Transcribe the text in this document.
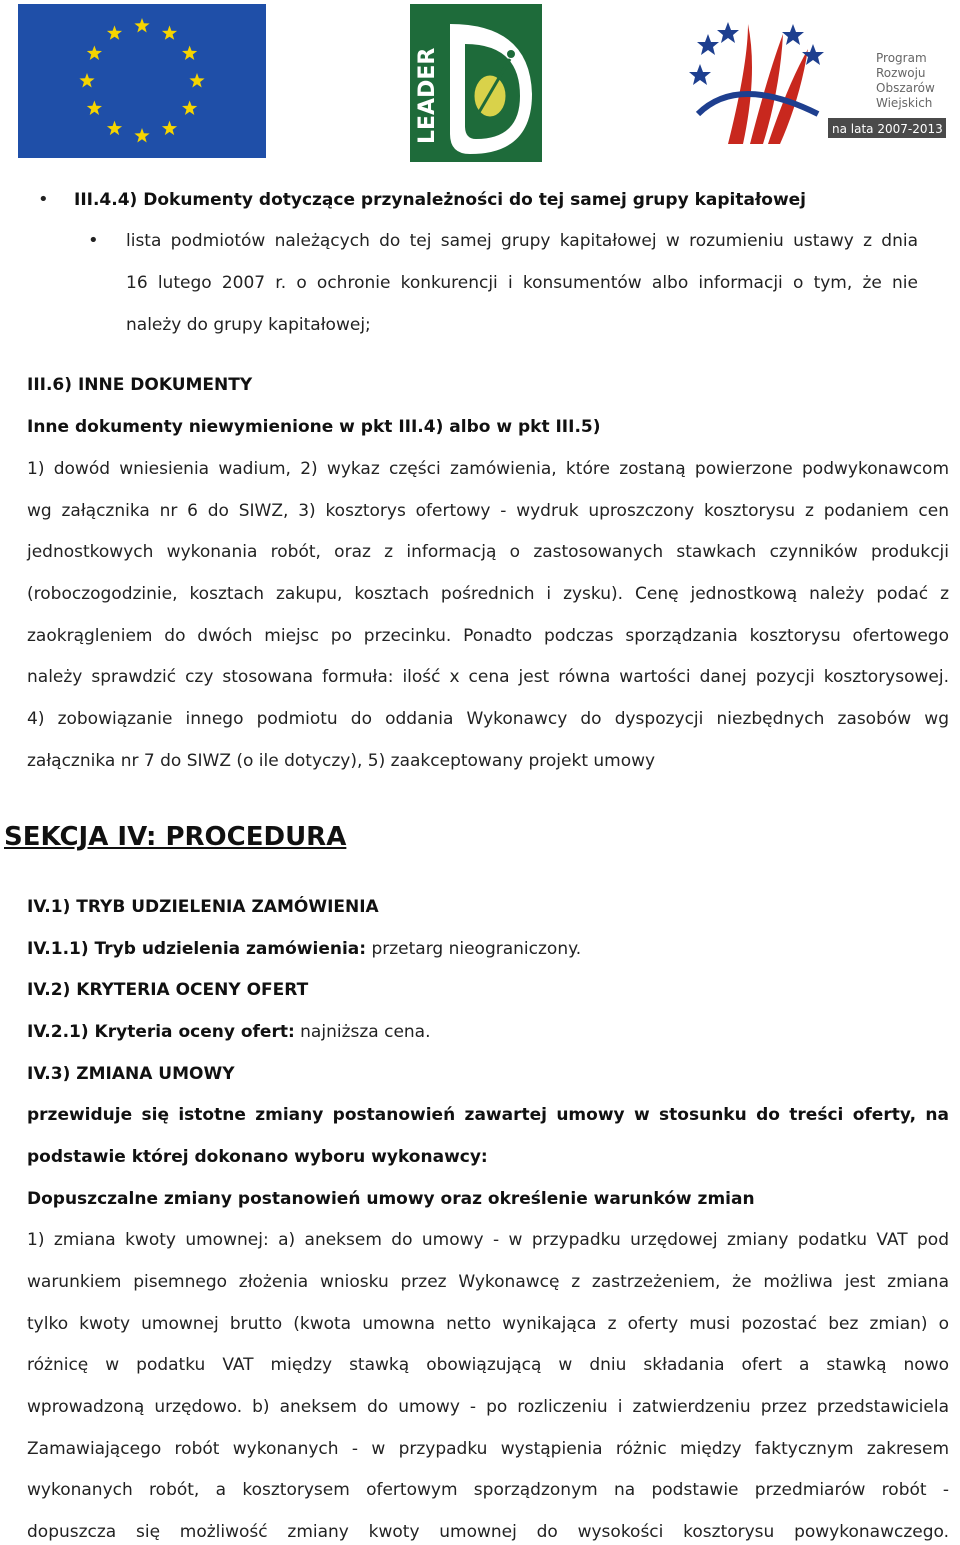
LEADER	Program
Rozwoju
Obszarów
Wiejskich
na lata 2007-2013
• III.4.4) Dokumenty dotyczące przynależności do tej samej grupy kapitałowej
• lista podmiotów należących do tej samej grupy kapitałowej w rozumieniu ustawy z dnia
16 lutego 2007 r. o ochronie konkurencji i konsumentów albo informacji o tym, że nie
należy do grupy kapitałowej;
III.6) INNE DOKUMENTY
Inne dokumenty niewymienione w pkt III.4) albo w pkt III.5)
1) dowód wniesienia wadium, 2) wykaz części zamówienia, które zostaną powierzone podwykonawcom
wg załącznika nr 6 do SIWZ, 3) kosztorys ofertowy - wydruk uproszczony kosztorysu z podaniem cen
jednostkowych wykonania robót, oraz z informacją o zastosowanych stawkach czynników produkcji
(roboczogodzinie, kosztach zakupu, kosztach pośrednich i zysku). Cenę jednostkową należy podać z
zaokrągleniem do dwóch miejsc po przecinku. Ponadto podczas sporządzania kosztorysu ofertowego
należy sprawdzić czy stosowana formuła: ilość x cena jest równa wartości danej pozycji kosztorysowej.
4) zobowiązanie innego podmiotu do oddania Wykonawcy do dyspozycji niezbędnych zasobów wg
załącznika nr 7 do SIWZ (o ile dotyczy), 5) zaakceptowany projekt umowy
SEKCJA IV: PROCEDURA
IV.1) TRYB UDZIELENIA ZAMÓWIENIA
IV.1.1) Tryb udzielenia zamówienia: przetarg nieograniczony.
IV.2) KRYTERIA OCENY OFERT
IV.2.1) Kryteria oceny ofert: najniższa cena.
IV.3) ZMIANA UMOWY
przewiduje się istotne zmiany postanowień zawartej umowy w stosunku do treści oferty, na
podstawie której dokonano wyboru wykonawcy:
Dopuszczalne zmiany postanowień umowy oraz określenie warunków zmian
1) zmiana kwoty umownej: a) aneksem do umowy - w przypadku urzędowej zmiany podatku VAT pod
warunkiem pisemnego złożenia wniosku przez Wykonawcę z zastrzeżeniem, że możliwa jest zmiana
tylko kwoty umownej brutto (kwota umowna netto wynikająca z oferty musi pozostać bez zmian) o
różnicę w podatku VAT między stawką obowiązującą w dniu składania ofert a stawką nowo
wprowadzoną urzędowo. b) aneksem do umowy - po rozliczeniu i zatwierdzeniu przez przedstawiciela
Zamawiającego robót wykonanych - w przypadku wystąpienia różnic między faktycznym zakresem
wykonanych robót, a kosztorysem ofertowym sporządzonym na podstawie przedmiarów robót -
dopuszcza się możliwość zmiany kwoty umownej do wysokości kosztorysu powykonawczego.
